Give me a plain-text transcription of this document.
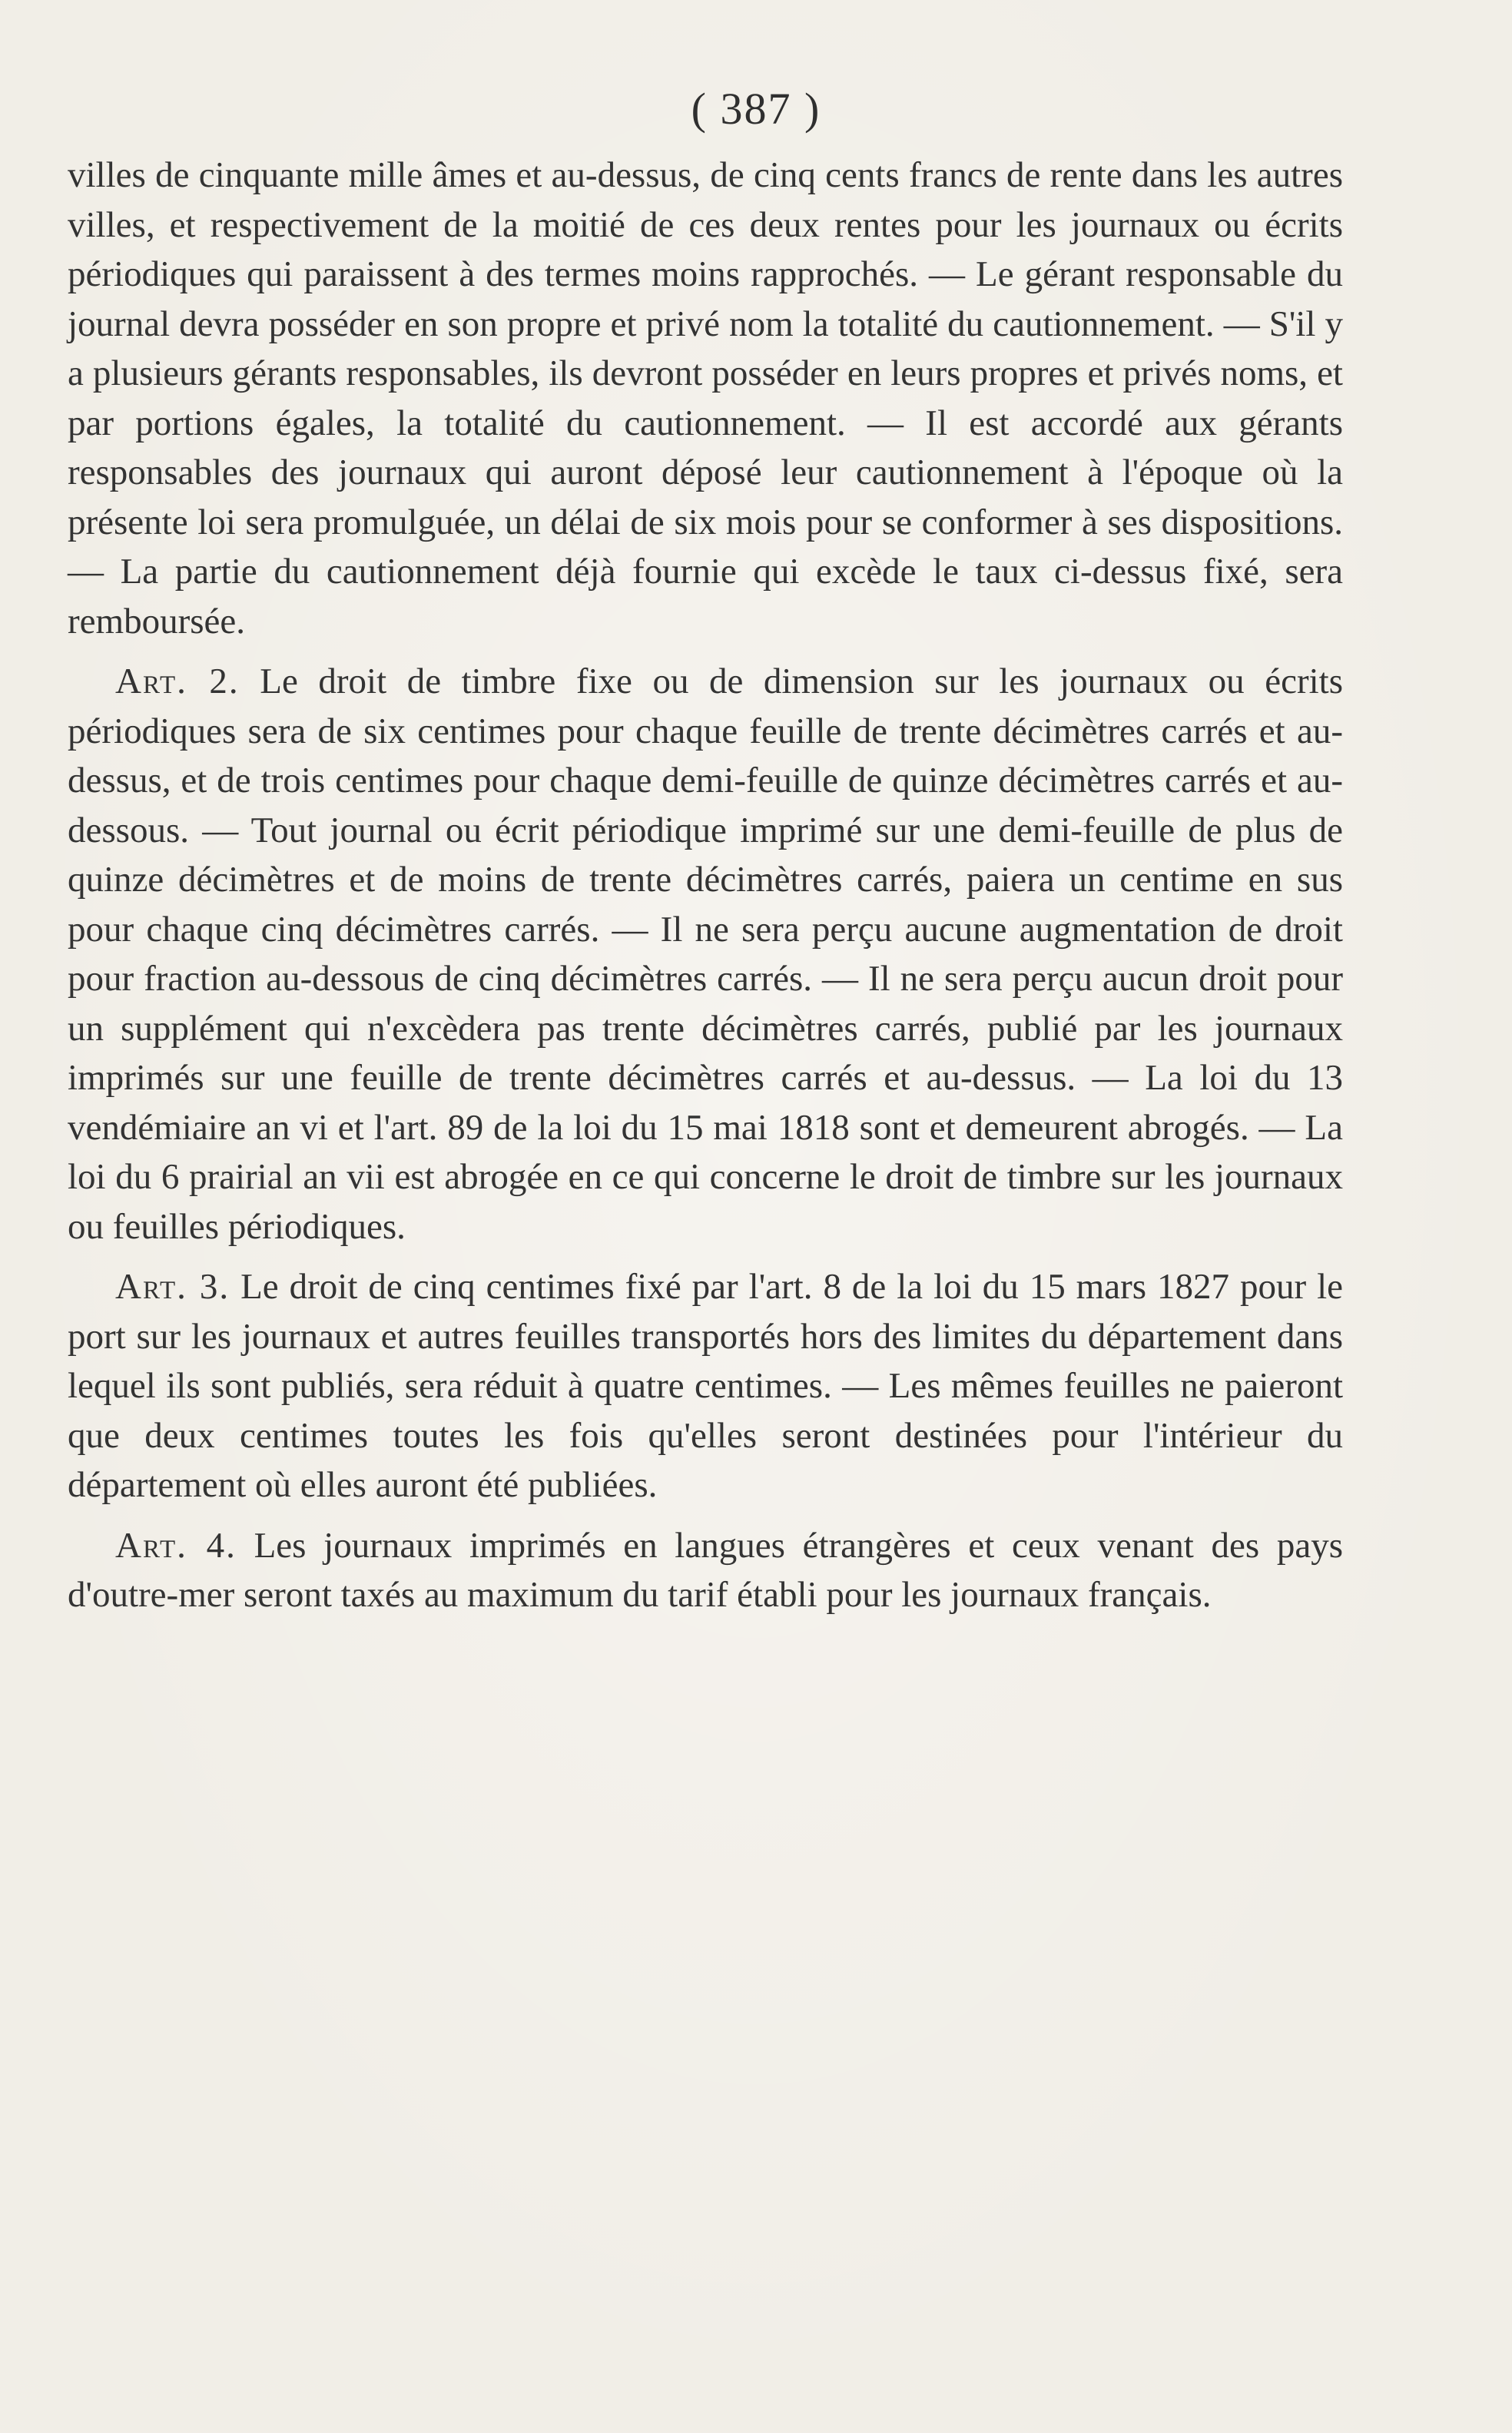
( 387 )

villes de cinquante mille âmes et au-dessus, de cinq cents francs de rente dans les autres villes, et respectivement de la moitié de ces deux rentes pour les journaux ou écrits périodiques qui paraissent à des termes moins rapprochés. — Le gérant responsable du journal devra posséder en son propre et privé nom la totalité du cautionnement. — S'il y a plusieurs gérants responsables, ils devront posséder en leurs propres et privés noms, et par portions égales, la totalité du cautionnement. — Il est accordé aux gérants responsables des journaux qui auront déposé leur cautionnement à l'époque où la présente loi sera promulguée, un délai de six mois pour se conformer à ses dispositions. — La partie du cautionnement déjà fournie qui excède le taux ci-dessus fixé, sera remboursée.

Art. 2. Le droit de timbre fixe ou de dimension sur les journaux ou écrits périodiques sera de six centimes pour chaque feuille de trente décimètres carrés et au-dessus, et de trois centimes pour chaque demi-feuille de quinze décimètres carrés et au-dessous. — Tout journal ou écrit périodique imprimé sur une demi-feuille de plus de quinze décimètres et de moins de trente décimètres carrés, paiera un centime en sus pour chaque cinq décimètres carrés. — Il ne sera perçu aucune augmentation de droit pour fraction au-dessous de cinq décimètres carrés. — Il ne sera perçu aucun droit pour un supplément qui n'excèdera pas trente décimètres carrés, publié par les journaux imprimés sur une feuille de trente décimètres carrés et au-dessus. — La loi du 13 vendémiaire an vi et l'art. 89 de la loi du 15 mai 1818 sont et demeurent abrogés. — La loi du 6 prairial an vii est abrogée en ce qui concerne le droit de timbre sur les journaux ou feuilles périodiques.

Art. 3. Le droit de cinq centimes fixé par l'art. 8 de la loi du 15 mars 1827 pour le port sur les journaux et autres feuilles transportés hors des limites du département dans lequel ils sont publiés, sera réduit à quatre centimes. — Les mêmes feuilles ne paieront que deux centimes toutes les fois qu'elles seront destinées pour l'intérieur du département où elles auront été publiées.

Art. 4. Les journaux imprimés en langues étrangères et ceux venant des pays d'outre-mer seront taxés au maximum du tarif établi pour les journaux français.
